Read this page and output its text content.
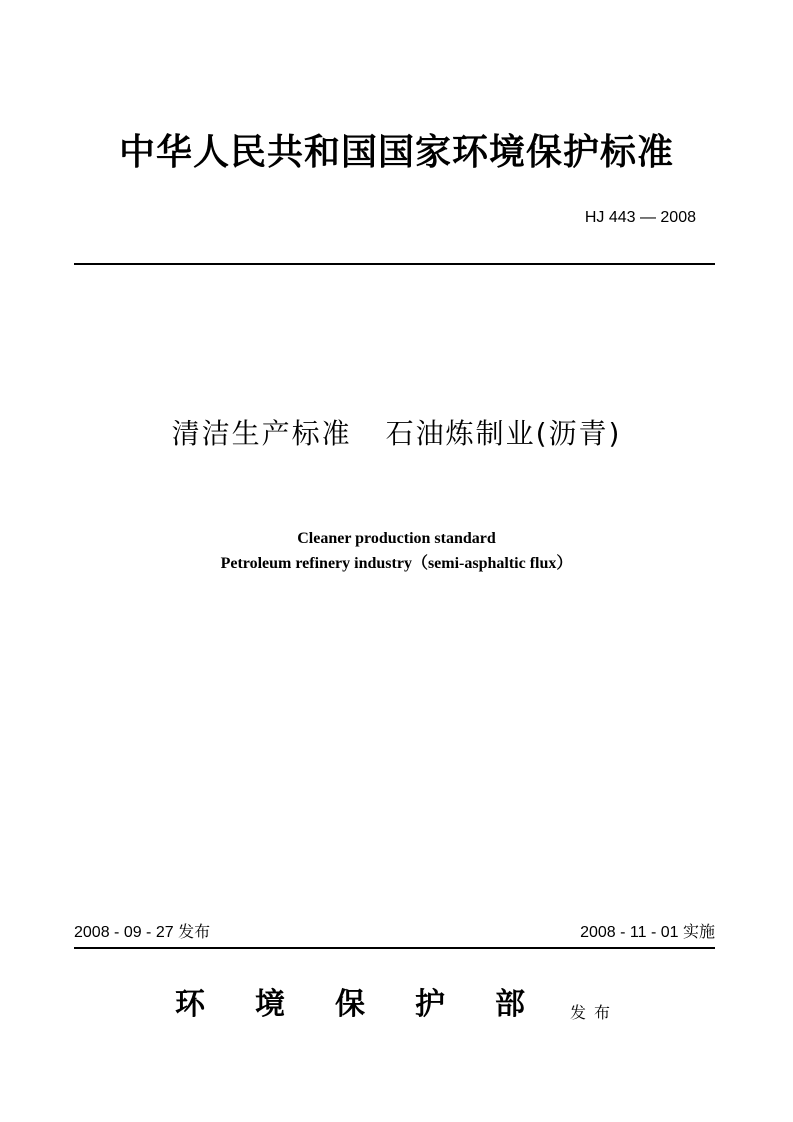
中华人民共和国国家环境保护标准
HJ 443 — 2008
清洁生产标准 石油炼制业(沥青)
Cleaner production standard
Petroleum refinery industry（semi-asphaltic flux）
2008 - 09 - 27 发布	2008 - 11 - 01 实施
环境保护部
发布
